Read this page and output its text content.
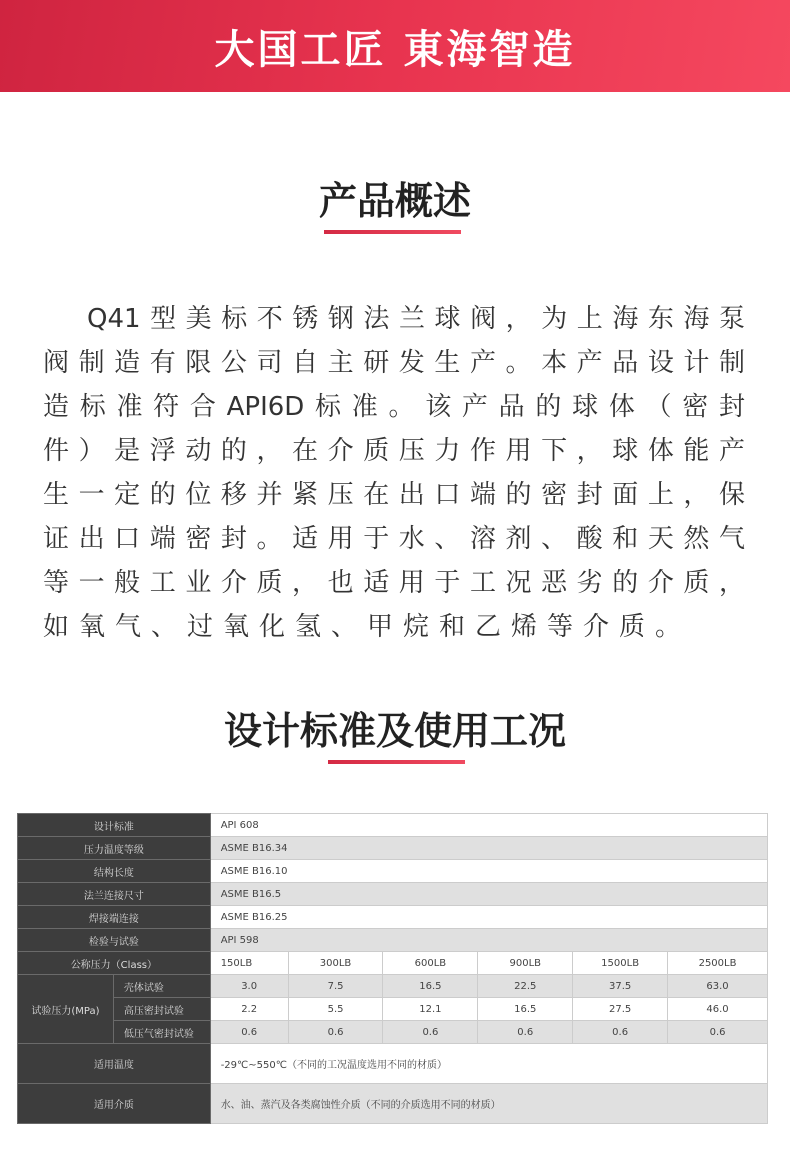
大国工匠 東海智造
产品概述
Q41型美标不锈钢法兰球阀，为上海东海泵
阀制造有限公司自主研发生产。本产品设计制
造标准符合API6D标准。该产品的球体（密封
件）是浮动的，在介质压力作用下，球体能产
生一定的位移并紧压在出口端的密封面上，保
证出口端密封。适用于水、溶剂、酸和天然气
等一般工业介质，也适用于工况恶劣的介质，
如氧气、过氧化氢、甲烷和乙烯等介质。
设计标准及使用工况
设计标准		API 608					
压力温度等级		ASME B16.34					
结构长度		ASME B16.10					
法兰连接尺寸		ASME B16.5					
焊接端连接		ASME B16.25					
检验与试验		API 598					
公称压力（Class）		150LB	300LB	600LB	900LB	1500LB	2500LB
试验压力(MPa)	壳体试验	3.0	7.5	16.5	22.5	37.5	63.0
	高压密封试验	2.2	5.5	12.1	16.5	27.5	46.0
	低压气密封试验	0.6	0.6	0.6	0.6	0.6	0.6
适用温度		-29℃~550℃（不同的工况温度选用不同的材质）					
适用介质		水、油、蒸汽及各类腐蚀性介质（不同的介质选用不同的材质）					
